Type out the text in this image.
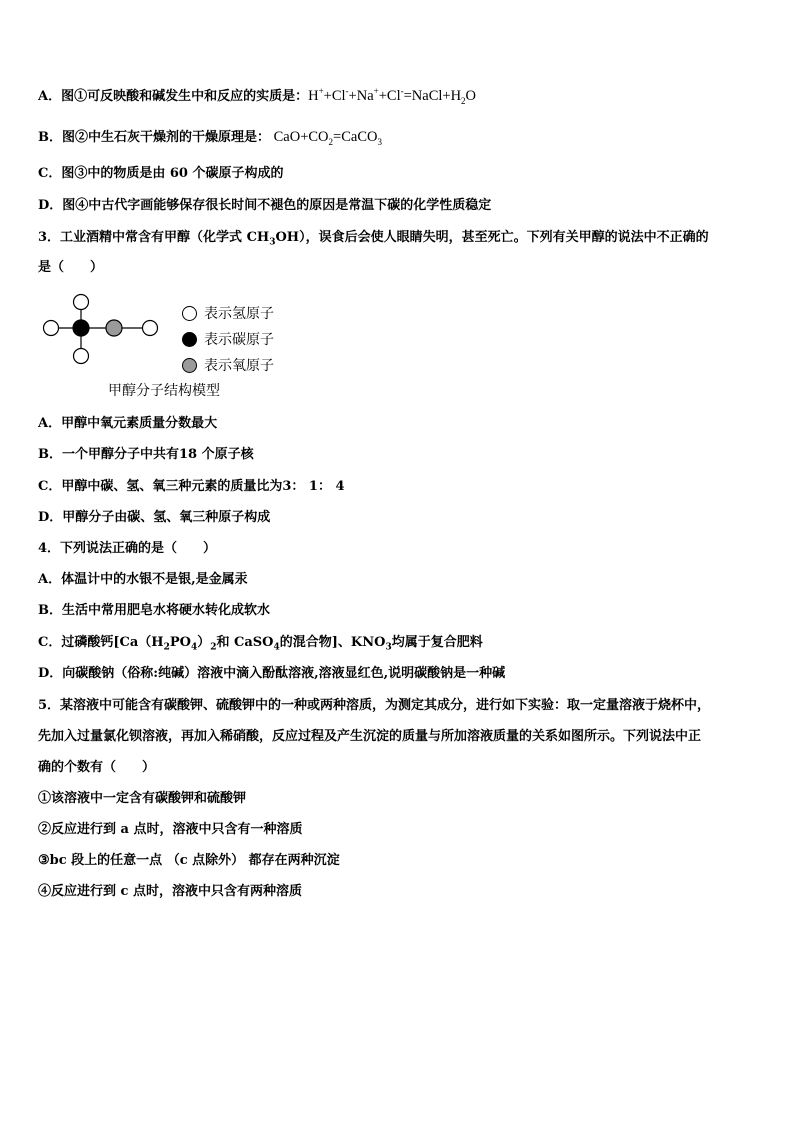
A．图①可反映酸和碱发生中和反应的实质是：$H^++Cl^-+Na^++Cl^-=NaCl+H_2O$
B．图②中生石灰干燥剂的干燥原理是： $CaO+CO_2=CaCO_3$
C．图③中的物质是由 60 个碳原子构成的
D．图④中古代字画能够保存很长时间不褪色的原因是常温下碳的化学性质稳定
3．工业酒精中常含有甲醇（化学式 $CH_3OH$），误食后会使人眼睛失明，甚至死亡。下列有关甲醇的说法中不正确的
是（　　）
表示氢原子
表示碳原子
表示氧原子
甲醇分子结构模型
A．甲醇中氧元素质量分数最大
B．一个甲醇分子中共有18 个原子核
C．甲醇中碳、氢、氧三种元素的质量比为3： 1： 4
D．甲醇分子由碳、氢、氧三种原子构成
4．下列说法正确的是（　　）
A．体温计中的水银不是银,是金属汞
B．生活中常用肥皂水将硬水转化成软水
C．过磷酸钙[$Ca(H_2PO_4)_2$和 CaSO$_4$的混合物]、$KNO_3$均属于复合肥料
D．向碳酸钠（俗称:纯碱）溶液中滴入酚酞溶液,溶液显红色,说明碳酸钠是一种碱
5．某溶液中可能含有碳酸钾、硫酸钾中的一种或两种溶质，为测定其成分，进行如下实验：取一定量溶液于烧杯中，
先加入过量氯化钡溶液，再加入稀硝酸，反应过程及产生沉淀的质量与所加溶液质量的关系如图所示。下列说法中正
确的个数有（　　）
①该溶液中一定含有碳酸钾和硫酸钾
②反应进行到 a 点时，溶液中只含有一种溶质
③bc 段上的任意一点 （c 点除外） 都存在两种沉淀
④反应进行到 c 点时，溶液中只含有两种溶质
